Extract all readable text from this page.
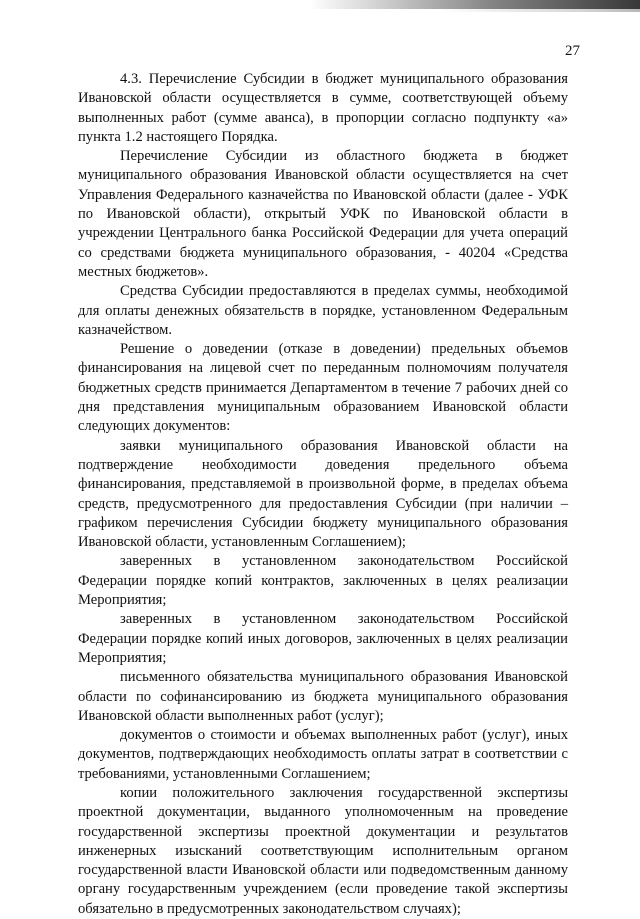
27

4.3. Перечисление Субсидии в бюджет муниципального образования Ивановской области осуществляется в сумме, соответствующей объему выполненных работ (сумме аванса), в пропорции согласно подпункту «а» пункта 1.2 настоящего Порядка.

Перечисление Субсидии из областного бюджета в бюджет муниципального образования Ивановской области осуществляется на счет Управления Федерального казначейства по Ивановской области (далее - УФК по Ивановской области), открытый УФК по Ивановской области в учреждении Центрального банка Российской Федерации для учета операций со средствами бюджета муниципального образования, - 40204 «Средства местных бюджетов».

Средства Субсидии предоставляются в пределах суммы, необходимой для оплаты денежных обязательств в порядке, установленном Федеральным казначейством.

Решение о доведении (отказе в доведении) предельных объемов финансирования на лицевой счет по переданным полномочиям получателя бюджетных средств принимается Департаментом в течение 7 рабочих дней со дня представления муниципальным образованием Ивановской области следующих документов:

заявки муниципального образования Ивановской области на подтверждение необходимости доведения предельного объема финансирования, представляемой в произвольной форме, в пределах объема средств, предусмотренного для предоставления Субсидии (при наличии – графиком перечисления Субсидии бюджету муниципального образования Ивановской области, установленным Соглашением);

заверенных в установленном законодательством Российской Федерации порядке копий контрактов, заключенных в целях реализации Мероприятия;

заверенных в установленном законодательством Российской Федерации порядке копий иных договоров, заключенных в целях реализации Мероприятия;

письменного обязательства муниципального образования Ивановской области по софинансированию из бюджета муниципального образования Ивановской области выполненных работ (услуг);

документов о стоимости и объемах выполненных работ (услуг), иных документов, подтверждающих необходимость оплаты затрат в соответствии с требованиями, установленными Соглашением;

копии положительного заключения государственной экспертизы проектной документации, выданного уполномоченным на проведение государственной экспертизы проектной документации и результатов инженерных изысканий соответствующим исполнительным органом государственной власти Ивановской области или подведомственным данному органу государственным учреждением (если проведение такой экспертизы обязательно в предусмотренных законодательством случаях);
